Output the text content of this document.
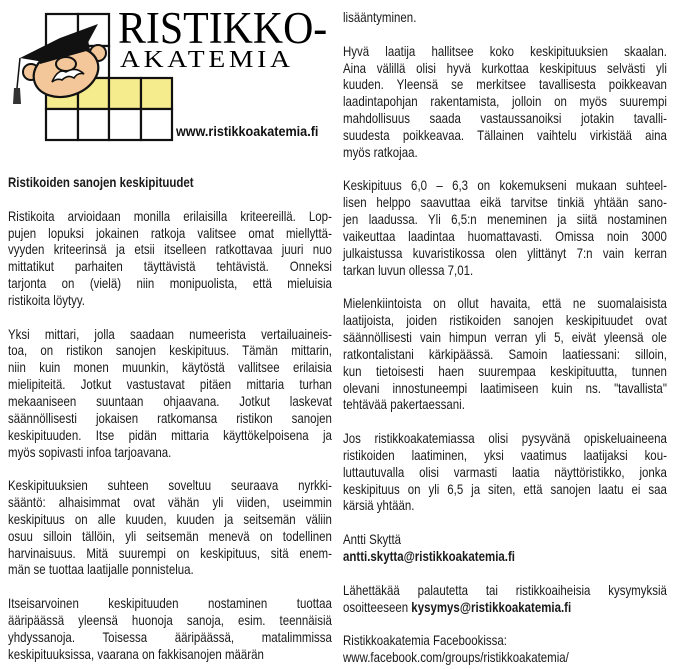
RISTIKKO-
AKATEMIA
www.ristikkoakatemia.fi
Ristikoiden sanojen keskipituudet
Ristikoita arvioidaan monilla erilaisilla kriteereillä. Lop-
pujen lopuksi jokainen ratkoja valitsee omat miellyttä-
vyyden kriteerinsä ja etsii itselleen ratkottavaa juuri nuo
mittatikut parhaiten täyttävistä tehtävistä. Onneksi
tarjonta on (vielä) niin monipuolista, että mieluisia
ristikoita löytyy.
Yksi mittari, jolla saadaan numeerista vertailuaineis-
toa, on ristikon sanojen keskipituus. Tämän mittarin,
niin kuin monen muunkin, käytöstä vallitsee erilaisia
mielipiteitä. Jotkut vastustavat pitäen mittaria turhan
mekaaniseen suuntaan ohjaavana. Jotkut laskevat
säännöllisesti jokaisen ratkomansa ristikon sanojen
keskipituuden. Itse pidän mittaria käyttökelpoisena ja
myös sopivasti infoa tarjoavana.
Keskipituuksien suhteen soveltuu seuraava nyrkki-
sääntö: alhaisimmat ovat vähän yli viiden, useimmin
keskipituus on alle kuuden, kuuden ja seitsemän väliin
osuu silloin tällöin, yli seitsemän menevä on todellinen
harvinaisuus. Mitä suurempi on keskipituus, sitä enem-
män se tuottaa laatijalle ponnistelua.
Itseisarvoinen keskipituuden nostaminen tuottaa
ääripäässä yleensä huonoja sanoja, esim. teennäisiä
yhdyssanoja. Toisessa ääripäässä, matalimmissa
keskipituuksissa, vaarana on fakkisanojen määrän
lisääntyminen.
Hyvä laatija hallitsee koko keskipituuksien skaalan.
Aina välillä olisi hyvä kurkottaa keskipituus selvästi yli
kuuden. Yleensä se merkitsee tavallisesta poikkeavan
laadintapohjan rakentamista, jolloin on myös suurempi
mahdollisuus saada vastaussanoiksi jotakin tavalli-
suudesta poikkeavaa. Tällainen vaihtelu virkistää aina
myös ratkojaa.
Keskipituus 6,0 – 6,3 on kokemukseni mukaan suhteel-
lisen helppo saavuttaa eikä tarvitse tinkiä yhtään sano-
jen laadussa. Yli 6,5:n meneminen ja siitä nostaminen
vaikeuttaa laadintaa huomattavasti. Omissa noin 3000
julkaistussa kuvaristikossa olen ylittänyt 7:n vain kerran
tarkan luvun ollessa 7,01.
Mielenkiintoista on ollut havaita, että ne suomalaisista
laatijoista, joiden ristikoiden sanojen keskipituudet ovat
säännöllisesti vain himpun verran yli 5, eivät yleensä ole
ratkontalistani kärkipäässä. Samoin laatiessani: silloin,
kun tietoisesti haen suurempaa keskipituutta, tunnen
olevani innostuneempi laatimiseen kuin ns. "tavallista"
tehtävää pakertaessani.
Jos ristikkoakatemiassa olisi pysyvänä opiskeluaineena
ristikoiden laatiminen, yksi vaatimus laatijaksi kou-
luttautuvalla olisi varmasti laatia näyttöristikko, jonka
keskipituus on yli 6,5 ja siten, että sanojen laatu ei saa
kärsiä yhtään.
Antti Skyttä
antti.skytta@ristikkoakatemia.fi
Lähettäkää palautetta tai ristikkoaiheisia kysymyksiä
osoitteeseen kysymys@ristikkoakatemia.fi
Ristikkoakatemia Facebookissa:
www.facebook.com/groups/ristikkoakatemia/
